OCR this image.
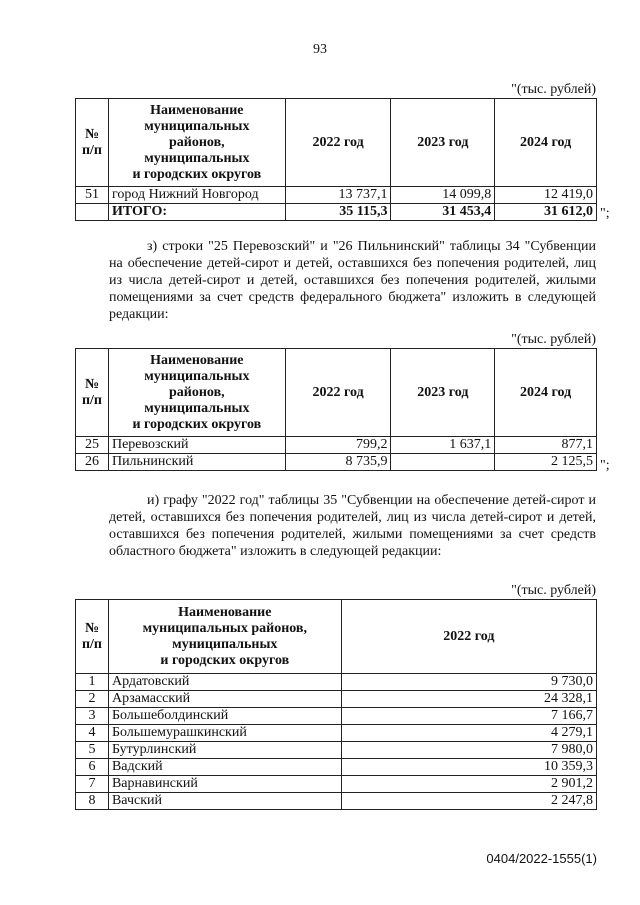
93
"(тыс. рублей)
№
п/п	Наименование
муниципальных
районов,
муниципальных
и городских округов	2022 год	2023 год	2024 год
51	город Нижний Новгород	13 737,1	14 099,8	12 419,0
	ИТОГО:	35 115,3	31 453,4	31 612,0 ";
з) строки "25 Перевозский" и "26 Пильнинский" таблицы 34 "Субвенции на обеспечение детей-сирот и детей, оставшихся без попечения родителей, лиц из числа детей-сирот и детей, оставшихся без попечения родителей, жилыми помещениями за счет средств федерального бюджета" изложить в следующей редакции:
"(тыс. рублей)
№
п/п	Наименование
муниципальных
районов,
муниципальных
и городских округов	2022 год	2023 год	2024 год
25	Перевозский	799,2	1 637,1	877,1
26	Пильнинский	8 735,9		2 125,5 ";
и) графу "2022 год" таблицы 35 "Субвенции на обеспечение детей-сирот и детей, оставшихся без попечения родителей, лиц из числа детей-сирот и детей, оставшихся без попечения родителей, жилыми помещениями за счет средств областного бюджета" изложить в следующей редакции:
"(тыс. рублей)
№
п/п	Наименование
муниципальных районов,
муниципальных
и городских округов	2022 год
1	Ардатовский	9 730,0
2	Арзамасский	24 328,1
3	Большеболдинский	7 166,7
4	Большемурашкинский	4 279,1
5	Бутурлинский	7 980,0
6	Вадский	10 359,3
7	Варнавинский	2 901,2
8	Вачский	2 247,8
0404/2022-1555(1)
